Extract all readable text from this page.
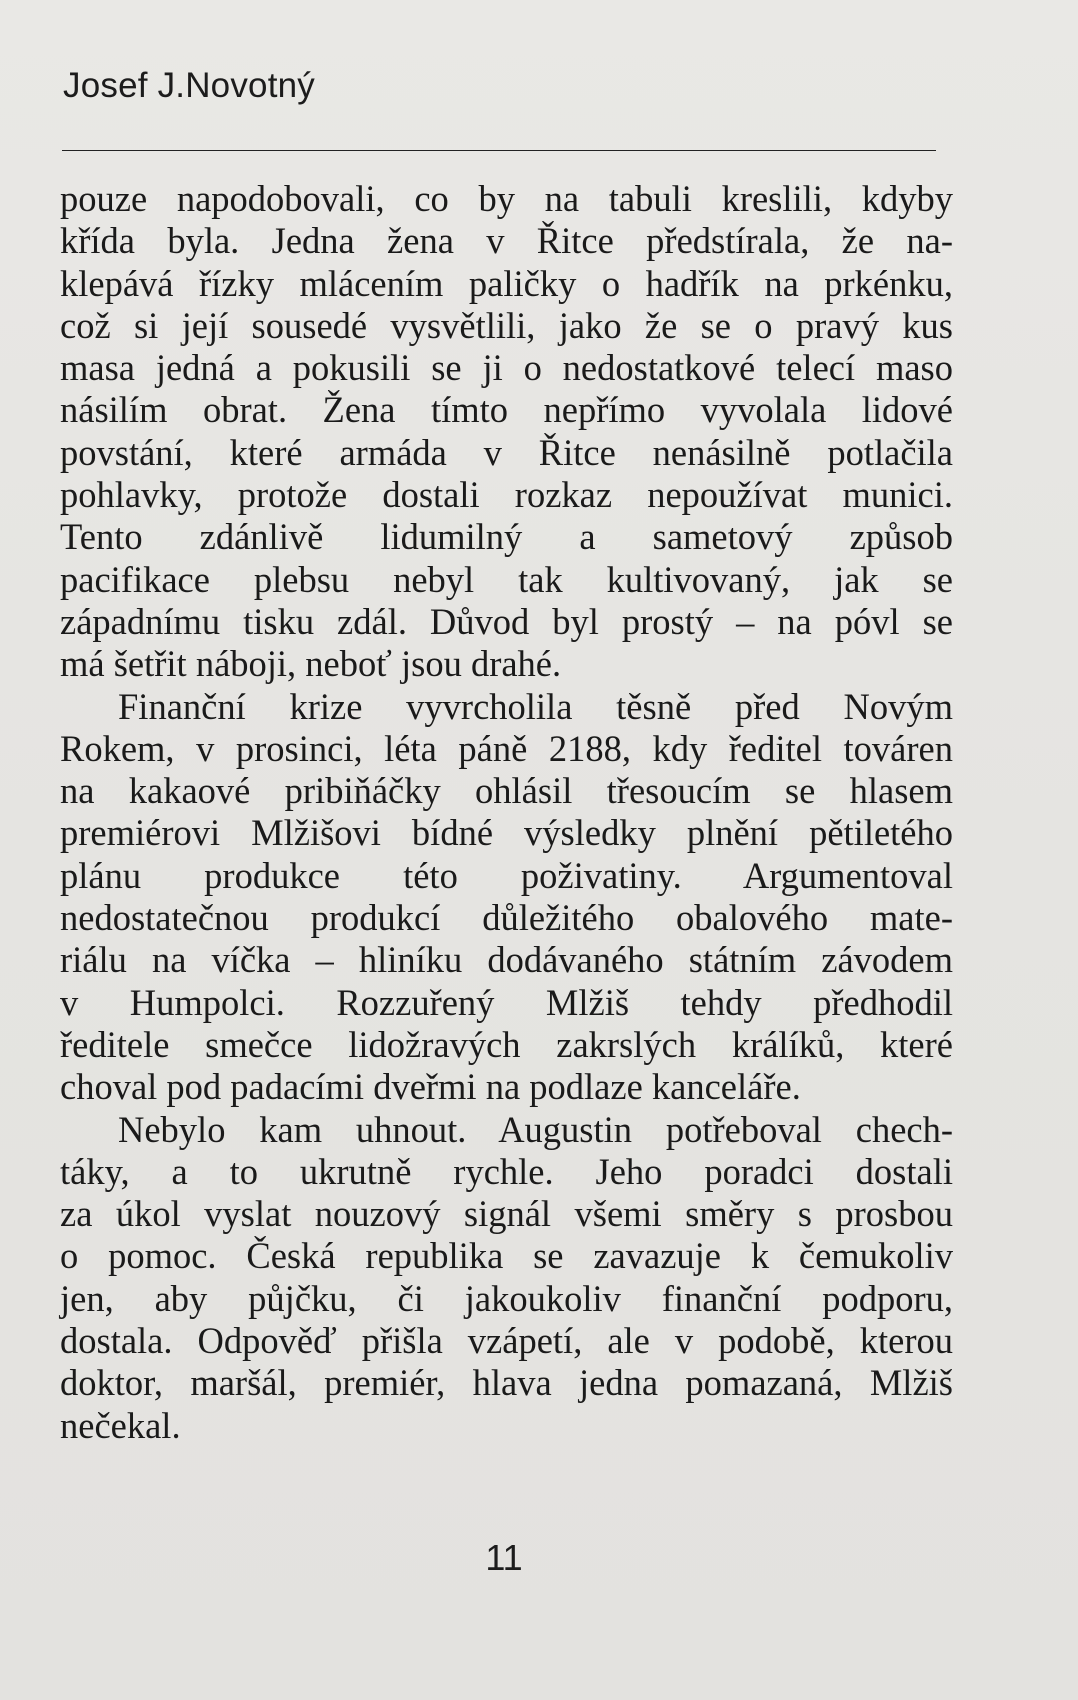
Josef J.Novotný
pouze napodobovali, co by na tabuli kreslili, kdyby
křída byla. Jedna žena v Řitce předstírala, že na-
klepává řízky mlácením paličky o hadřík na prkénku,
což si její sousedé vysvětlili, jako že se o pravý kus
masa jedná a pokusili se ji o nedostatkové telecí maso
násilím obrat. Žena tímto nepřímo vyvolala lidové
povstání, které armáda v Řitce nenásilně potlačila
pohlavky, protože dostali rozkaz nepoužívat munici.
Tento zdánlivě lidumilný a sametový způsob
pacifikace plebsu nebyl tak kultivovaný, jak se
západnímu tisku zdál. Důvod byl prostý – na póvl se
má šetřit náboji, neboť jsou drahé.
Finanční krize vyvrcholila těsně před Novým
Rokem, v prosinci, léta páně 2188, kdy ředitel továren
na kakaové pribiňáčky ohlásil třesoucím se hlasem
premiérovi Mlžišovi bídné výsledky plnění pětiletého
plánu produkce této poživatiny. Argumentoval
nedostatečnou produkcí důležitého obalového mate-
riálu na víčka – hliníku dodávaného státním závodem
v Humpolci. Rozzuřený Mlžiš tehdy předhodil
ředitele smečce lidožravých zakrslých králíků, které
choval pod padacími dveřmi na podlaze kanceláře.
Nebylo kam uhnout. Augustin potřeboval chech-
táky, a to ukrutně rychle. Jeho poradci dostali
za úkol vyslat nouzový signál všemi směry s prosbou
o pomoc. Česká republika se zavazuje k čemukoliv
jen, aby půjčku, či jakoukoliv finanční podporu,
dostala. Odpověď přišla vzápetí, ale v podobě, kterou
doktor, maršál, premiér, hlava jedna pomazaná, Mlžiš
nečekal.
11
